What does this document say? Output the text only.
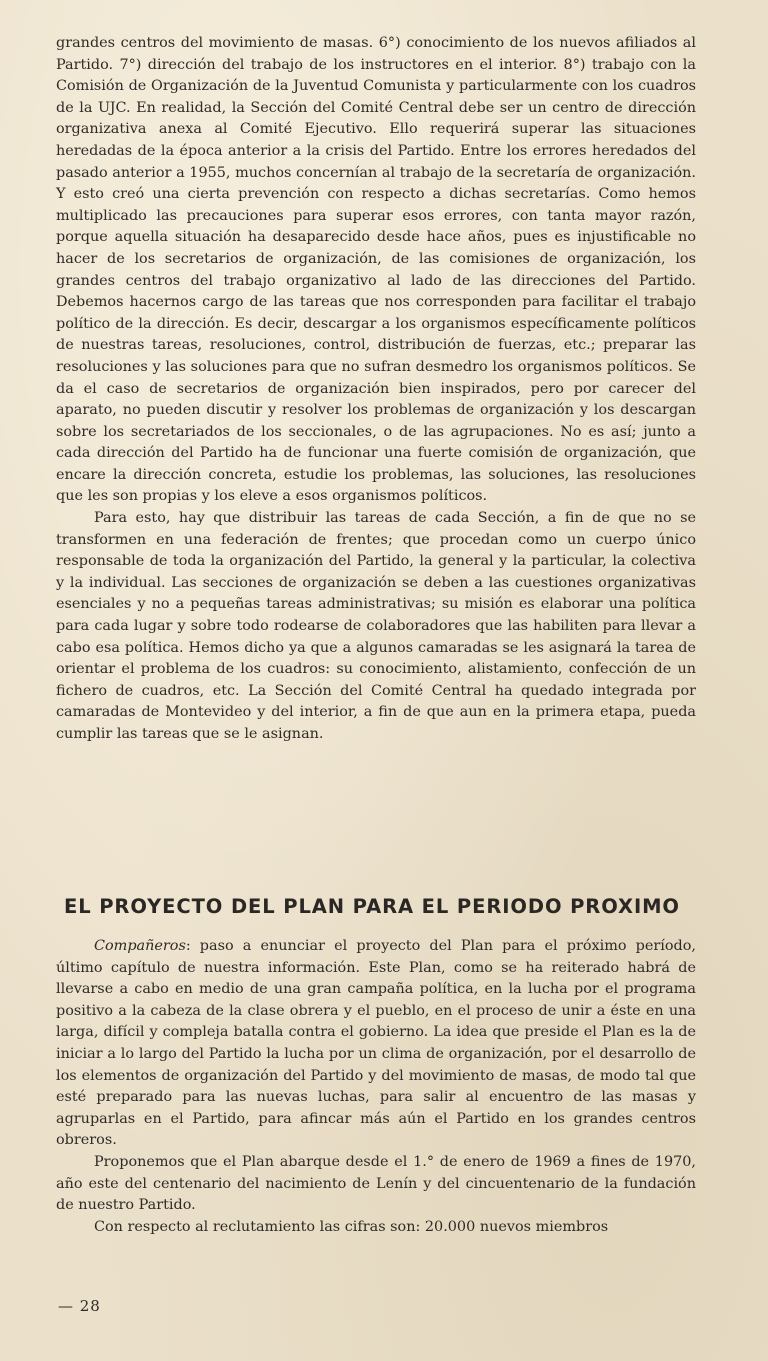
grandes centros del movimiento de masas. 6°) conocimiento de los nuevos afiliados al Partido. 7°) dirección del trabajo de los instructores en el interior. 8°) trabajo con la Comisión de Organización de la Juventud Comunista y particularmente con los cuadros de la UJC. En realidad, la Sección del Comité Central debe ser un centro de dirección organizativa anexa al Comité Ejecutivo. Ello requerirá superar las situaciones heredadas de la época anterior a la crisis del Partido. Entre los errores heredados del pasado anterior a 1955, muchos concernían al trabajo de la secretaría de organización. Y esto creó una cierta prevención con respecto a dichas secretarías. Como hemos multiplicado las precauciones para superar esos errores, con tanta mayor razón, porque aquella situación ha desaparecido desde hace años, pues es injustificable no hacer de los secretarios de organización, de las comisiones de organización, los grandes centros del trabajo organizativo al lado de las direcciones del Partido. Debemos hacernos cargo de las tareas que nos corresponden para facilitar el trabajo político de la dirección. Es decir, descargar a los organismos específicamente políticos de nuestras tareas, resoluciones, control, distribución de fuerzas, etc.; preparar las resoluciones y las soluciones para que no sufran desmedro los organismos políticos. Se da el caso de secretarios de organización bien inspirados, pero por carecer del aparato, no pueden discutir y resolver los problemas de organización y los descargan sobre los secretariados de los seccionales, o de las agrupaciones. No es así; junto a cada dirección del Partido ha de funcionar una fuerte comisión de organización, que encare la dirección concreta, estudie los problemas, las soluciones, las resoluciones que les son propias y los eleve a esos organismos políticos.

Para esto, hay que distribuir las tareas de cada Sección, a fin de que no se transformen en una federación de frentes; que procedan como un cuerpo único responsable de toda la organización del Partido, la general y la particular, la colectiva y la individual. Las secciones de organización se deben a las cuestiones organizativas esenciales y no a pequeñas tareas administrativas; su misión es elaborar una política para cada lugar y sobre todo rodearse de colaboradores que las habiliten para llevar a cabo esa política. Hemos dicho ya que a algunos camaradas se les asignará la tarea de orientar el problema de los cuadros: su conocimiento, alistamiento, confección de un fichero de cuadros, etc. La Sección del Comité Central ha quedado integrada por camaradas de Montevideo y del interior, a fin de que aun en la primera etapa, pueda cumplir las tareas que se le asignan.

EL PROYECTO DEL PLAN PARA EL PERIODO PROXIMO

Compañeros: paso a enunciar el proyecto del Plan para el próximo período, último capítulo de nuestra información. Este Plan, como se ha reiterado habrá de llevarse a cabo en medio de una gran campaña política, en la lucha por el programa positivo a la cabeza de la clase obrera y el pueblo, en el proceso de unir a éste en una larga, difícil y compleja batalla contra el gobierno. La idea que preside el Plan es la de iniciar a lo largo del Partido la lucha por un clima de organización, por el desarrollo de los elementos de organización del Partido y del movimiento de masas, de modo tal que esté preparado para las nuevas luchas, para salir al encuentro de las masas y agruparlas en el Partido, para afincar más aún el Partido en los grandes centros obreros.

Proponemos que el Plan abarque desde el 1.° de enero de 1969 a fines de 1970, año este del centenario del nacimiento de Lenín y del cincuentenario de la fundación de nuestro Partido.

Con respecto al reclutamiento las cifras son: 20.000 nuevos miembros

— 28
